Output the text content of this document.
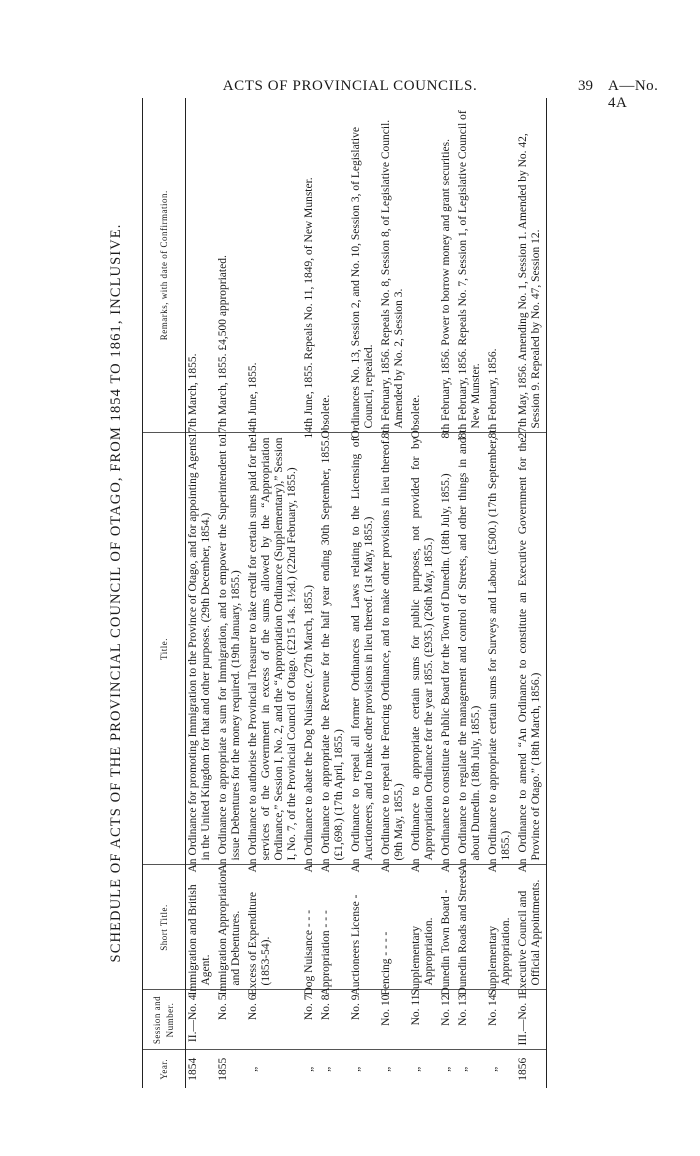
ACTS OF PROVINCIAL COUNCILS.	39 A—No. 4A
SCHEDULE OF ACTS OF THE PROVINCIAL COUNCIL OF OTAGO, FROM 1854 TO 1861, INCLUSIVE.
Year.	Session and Number.	Short Title.	Title.	Remarks, with date of Confirmation.
1854	II.—No. 4	Immigration and British Agent.	An Ordinance for promoting Immigration to the Province of Otago, and for appointing Agents in the United Kingdom for that and other purposes. (29th December, 1854.)	17th March, 1855.
1855	No. 5	Immigration Appropriation and Debentures.	An Ordinance to appropriate a sum for Immigration, and to empower the Superintendent to issue Debentures for the money required. (19th January, 1855.)	17th March, 1855. £4,500 appropriated.
„	No. 6	Excess of Expenditure (1853-54).	An Ordinance to authorise the Provincial Treasurer to take credit for certain sums paid for the services of the Government in excess of the sums allowed by the “Appropriation Ordinance,” Session I, No. 2, and the “Appropriation Ordinance (Supplementary),” Session I, No. 7, of the Provincial Council of Otago. (£215 14s. 1½d.) (22nd February, 1855.)	14th June, 1855.
„	No. 7	Dog Nuisance - - -	An Ordinance to abate the Dog Nuisance. (27th March, 1855.)	14th June, 1855. Repeals No. 11, 1849, of New Munster.
„	No. 8	Appropriation - - -	An Ordinance to appropriate the Revenue for the half year ending 30th September, 1855. (£1,698.) (17th April, 1855.)	Obsolete.
„	No. 9	Auctioneers License -	An Ordinance to repeal all former Ordinances and Laws relating to the Licensing of Auctioneers, and to make other provisions in lieu thereof. (1st May, 1855.)	Ordinances No. 13, Session 2, and No. 10, Session 3, of Legislative Council, repealed.
„	No. 10	Fencing - - - -	An Ordinance to repeal the Fencing Ordinance, and to make other provisions in lieu thereof. (9th May, 1855.)	8th February, 1856. Repeals No. 8, Session 8, of Legislative Council. Amended by No. 2, Session 3.
„	No. 11	Supplementary Appropriation.	An Ordinance to appropriate certain sums for public purposes, not provided for by Appropriation Ordinance for the year 1855. (£935.) (26th May, 1855.)	Obsolete.
„	No. 12	Dunedin Town Board -	An Ordinance to constitute a Public Board for the Town of Dunedin. (18th July, 1855.)	8th February, 1856. Power to borrow money and grant securities.
„	No. 13	Dunedin Roads and Streets	An Ordinance to regulate the management and control of Streets, and other things in and about Dunedin. (18th July, 1855.)	8th February, 1856. Repeals No. 7, Session 1, of Legislative Council of New Munster.
„	No. 14	Supplementary Appropriation.	An Ordinance to appropriate certain sums for Surveys and Labour. (£500.) (17th September, 1855.)	8th February, 1856.
1856	III.—No. 1	Executive Council and Official Appointments.	An Ordinance to amend “An Ordinance to constitute an Executive Government for the Province of Otago.” (18th March, 1856.)	27th May, 1856. Amending No. 1, Session 1. Amended by No. 42, Session 9. Repealed by No. 47, Session 12.
